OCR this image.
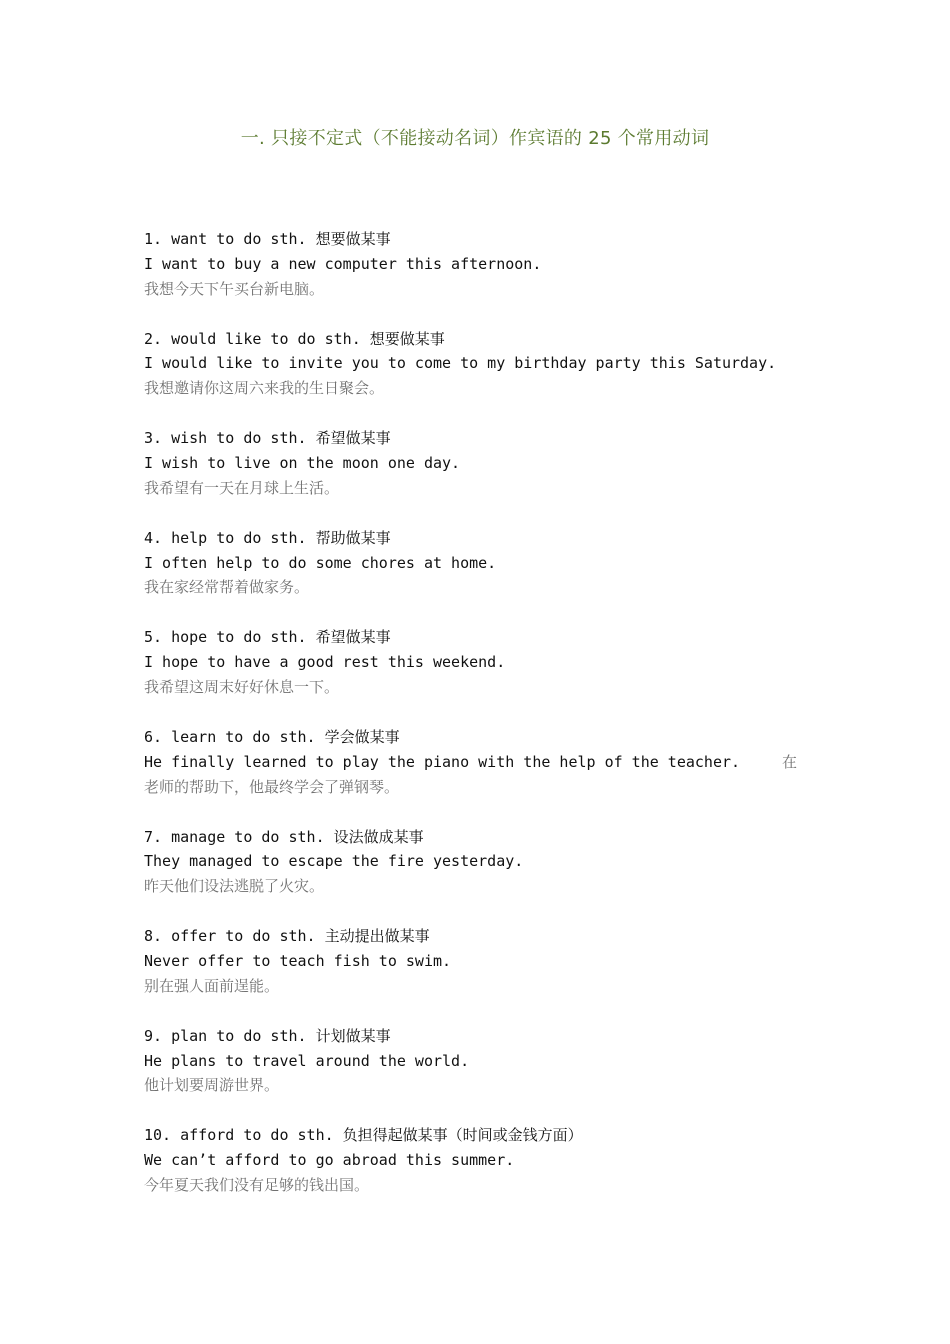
一. 只接不定式（不能接动名词）作宾语的 25 个常用动词
1. want to do sth. 想要做某事
I want to buy a new computer this afternoon.
我想今天下午买台新电脑。
2. would like to do sth. 想要做某事
I would like to invite you to come to my birthday party this Saturday.
我想邀请你这周六来我的生日聚会。
3. wish to do sth. 希望做某事
I wish to live on the moon one day.
我希望有一天在月球上生活。
4. help to do sth. 帮助做某事
I often help to do some chores at home.
我在家经常帮着做家务。
5. hope to do sth. 希望做某事
I hope to have a good rest this weekend.
我希望这周末好好休息一下。
6. learn to do sth. 学会做某事
He finally learned to play the piano with the help of the teacher.	在
老师的帮助下，他最终学会了弹钢琴。
7. manage to do sth. 设法做成某事
They managed to escape the fire yesterday.
昨天他们设法逃脱了火灾。
8. offer to do sth. 主动提出做某事
Never offer to teach fish to swim.
别在强人面前逞能。
9. plan to do sth. 计划做某事
He plans to travel around the world.
他计划要周游世界。
10. afford to do sth. 负担得起做某事（时间或金钱方面）
We can’t afford to go abroad this summer.
今年夏天我们没有足够的钱出国。
